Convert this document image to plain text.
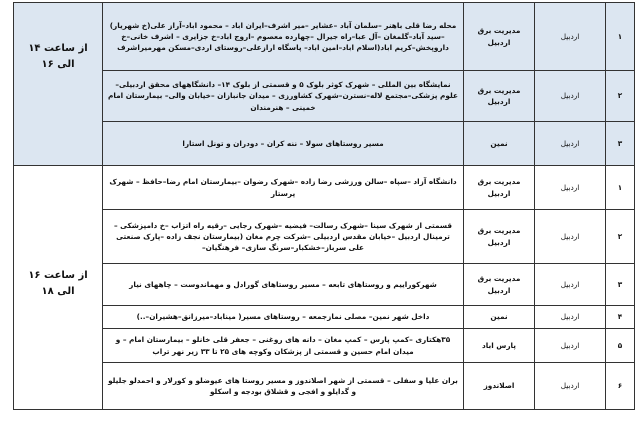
۱	اردبیل	مدیریت برق اردبیل	محله رضا قلی باهنر –سلمان آباد –عشایر –میر اشرف–ایران اباد – محمود اباد–آراز علی(خ شهریار) –سید آباد–گلمغان –آل عبا–راه جیرال –چهارده معصوم –اروج اباد–خ جزایری – اشرف خانی–خ داروپخش–کریم اباد(اسلام اباد–امین اباد– پاسگاه ارازعلی–روستای اردی–مسکن مهرمیراشرف	از ساعت ۱۴ الی ۱۶
۲	اردبیل	مدیریت برق اردبیل	نمایشگاه بین المللی – شهرک کوثر بلوک ۵ و قسمتی از بلوک ۱۴– دانشگاههای محقق اردبیلی–علوم پزشکی–مجتمع لاله–نسترن–شهرک کشاورزی – میدان جانبازان –خیابان والی– بیمارستان امام خمینی – هنرمندان	
۳	اردبیل	نمین	مسیر روستاهای سولا – ننه کران – دودران و تونل استارا	
۱	اردبیل	مدیریت برق اردبیل	دانشگاه آزاد –سپاه –سالن ورزشی رضا زاده –شهرک رضوان –بیمارستان امام رضا–حافظ – شهرک پرستار	از ساعت ۱۶ الی ۱۸
۲	اردبیل	مدیریت برق اردبیل	قسمتی از شهرک سینا –شهرک رسالت– فیضیه –شهرک رجایی –رقیه راه اتزاب –خ دامپزشکی –ترمینال اردبیل –خیابان مقدس اردبیلی –شرکت چرم مغان (بیمارستان نجف زاده –پارک صنعتی علی سرباز–خشکبار–سرنگ سازی– فرهنگیان–	
۳	اردبیل	مدیریت برق اردبیل	شهرکوراییم و روستاهای تابعه – مسیر روستاهای گورادل و مهماندوست – چاههای نیار	
۴	اردبیل	نمین	داخل شهر نمین– مصلی نمازجمعه – روستاهای مسیر( میناباد–میرزانق–هشیران–..)	
۵	اردبیل	پارس اباد	۳۵هکتاری –کمپ پارس – کمپ مغان – دانه های روغنی – جعفر قلی خانلو – بیمارستان امام – و میدان امام حسین و قسمتی از پزشکان وکوچه های ۲۵ تا ۳۳ زیر نهر تراب	
۶	اردبیل	اصلاندوز	بران علیا و سفلی – قسمتی از شهر اصلاندوز و مسیر روستا های عیوضلو و کورلار و احمدلو جلیلو و گدایلو و افجی و قشلاق بودجه و اسکلو	
